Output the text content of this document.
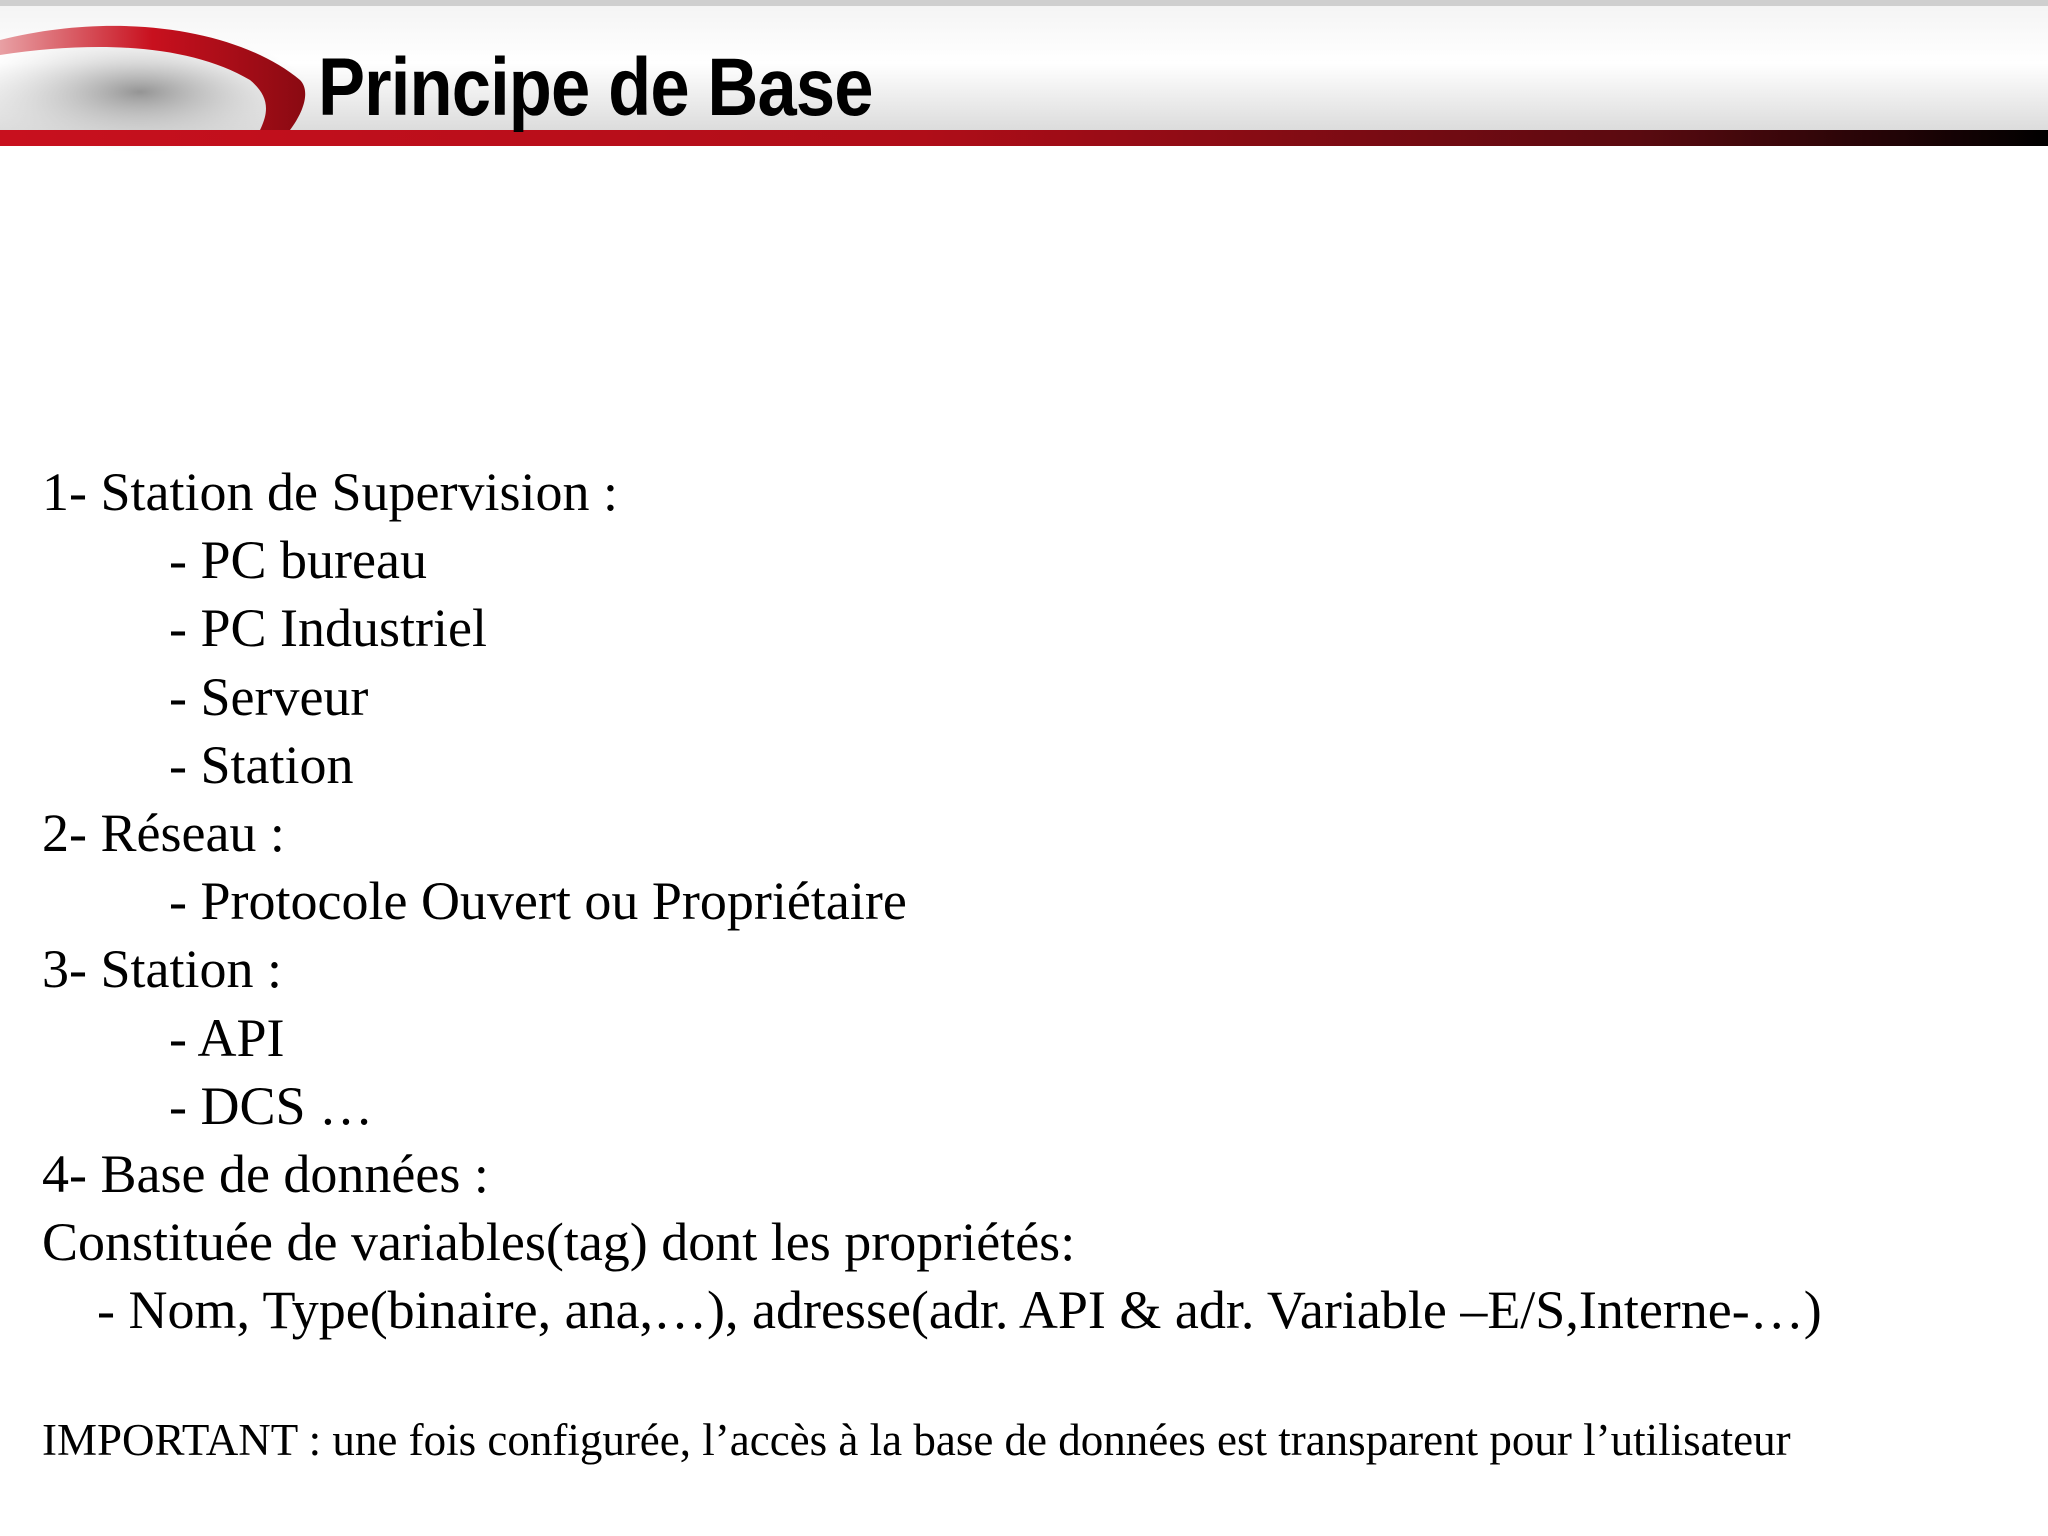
Principe de Base
1- Station de Supervision :
- PC bureau
- PC Industriel
- Serveur
- Station
2- Réseau :
- Protocole Ouvert ou Propriétaire
3- Station :
- API
- DCS …
4- Base de données :
Constituée de variables(tag) dont les propriétés:
- Nom, Type(binaire, ana,…), adresse(adr. API & adr. Variable –E/S,Interne-…)
IMPORTANT : une fois configurée, l’accès à la base de données est transparent pour l’utilisateur
